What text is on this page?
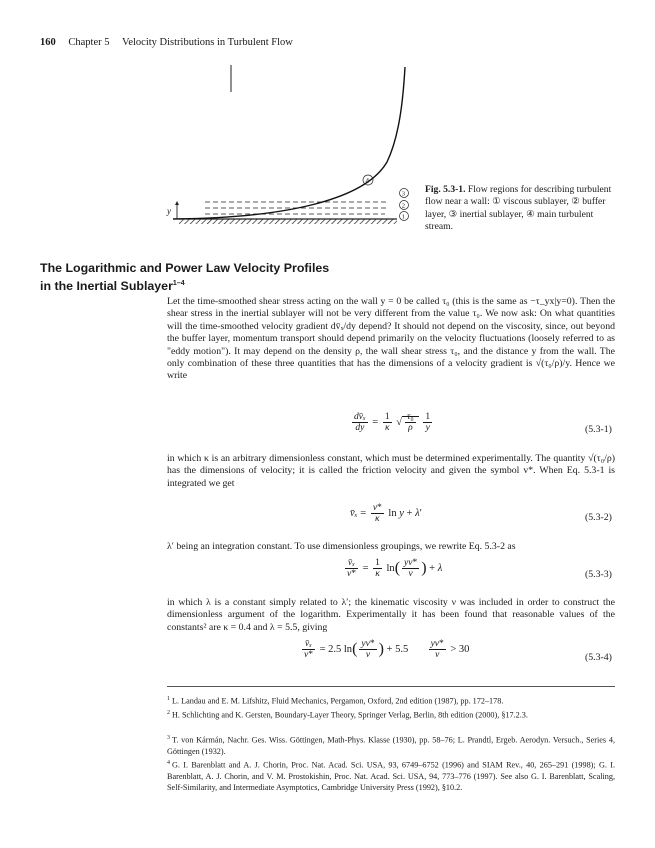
160 Chapter 5 Velocity Distributions in Turbulent Flow
y
4
3
2
1
Fig. 5.3-1. Flow regions for describing turbulent flow near a wall: ① viscous sublayer, ② buffer layer, ③ inertial sublayer, ④ main turbulent stream.
The Logarithmic and Power Law Velocity Profiles
in the Inertial Sublayer$^{1-4}$
Let the time-smoothed shear stress acting on the wall y = 0 be called τ₀ (this is the same as −τ_yx|y=0). Then the shear stress in the inertial sublayer will not be very different from the value τ₀. We now ask: On what quantities will the time-smoothed velocity gradient dv̄ₓ/dy depend? It should not depend on the viscosity, since, out beyond the buffer layer, momentum transport should depend primarily on the velocity fluctuations (loosely referred to as "eddy motion"). It may depend on the density ρ, the wall shear stress τ₀, and the distance y from the wall. The only combination of these three quantities that has the dimensions of a velocity gradient is √(τ₀/ρ)/y. Hence we write
$\frac{\text{dv̄ₓ}}{dy} = \frac{1}{\kappa}$ √ $\frac{\text{τ₀}}{\rho}$
$\frac{1}{y}$	(5.3-1)
in which κ is an arbitrary dimensionless constant, which must be determined experimentally. The quantity √(τ₀/ρ) has the dimensions of velocity; it is called the friction velocity and given the symbol v*. When Eq. 5.3-1 is integrated we get
v̄ₓ = $\frac{v*}{\kappa}$ ln y + λ′	(5.3-2)
λ′ being an integration constant. To use dimensionless groupings, we rewrite Eq. 5.3-2 as
$\frac{\text{v̄ₓ}}{v*} = \frac{1}{\kappa} \ln( \frac{yv*}{\nu}$ ) + λ
(5.3-3)
in which λ is a constant simply related to λ′; the kinematic viscosity ν was included in order to construct the dimensionless argument of the logarithm. Experimentally it has been found that reasonable values of the constants² are κ = 0.4 and λ = 5.5, giving
$\frac{\text{v̄ₓ}}{v*} = 2.5$ $\ln( \frac{yv*}{\nu}$ ) + $5.5 \frac{yv*}{\nu} > 30$
(5.3-4)
$^1$ L. Landau and E. M. Lifshitz, Fluid Mechanics, Pergamon, Oxford, 2nd edition (1987), pp. 172–178.
$^2$ H. Schlichting and K. Gersten, Boundary-Layer Theory, Springer Verlag, Berlin, 8th edition (2000), §17.2.3.
$^3$ T. von Kármán, Nachr. Ges. Wiss. Göttingen, Math-Phys. Klasse (1930), pp. 58–76; L. Prandtl, Ergeb. Aerodyn. Versuch., Series 4, Göttingen (1932).
$^4$ G. I. Barenblatt and A. J. Chorin, Proc. Nat. Acad. Sci. USA, 93, 6749–6752 (1996) and SIAM Rev., 40, 265–291 (1998); G. I. Barenblatt, A. J. Chorin, and V. M. Prostokishin, Proc. Nat. Acad. Sci. USA, 94, 773–776 (1997). See also G. I. Barenblatt, Scaling, Self-Similarity, and Intermediate Asymptotics, Cambridge University Press (1992), §10.2.
